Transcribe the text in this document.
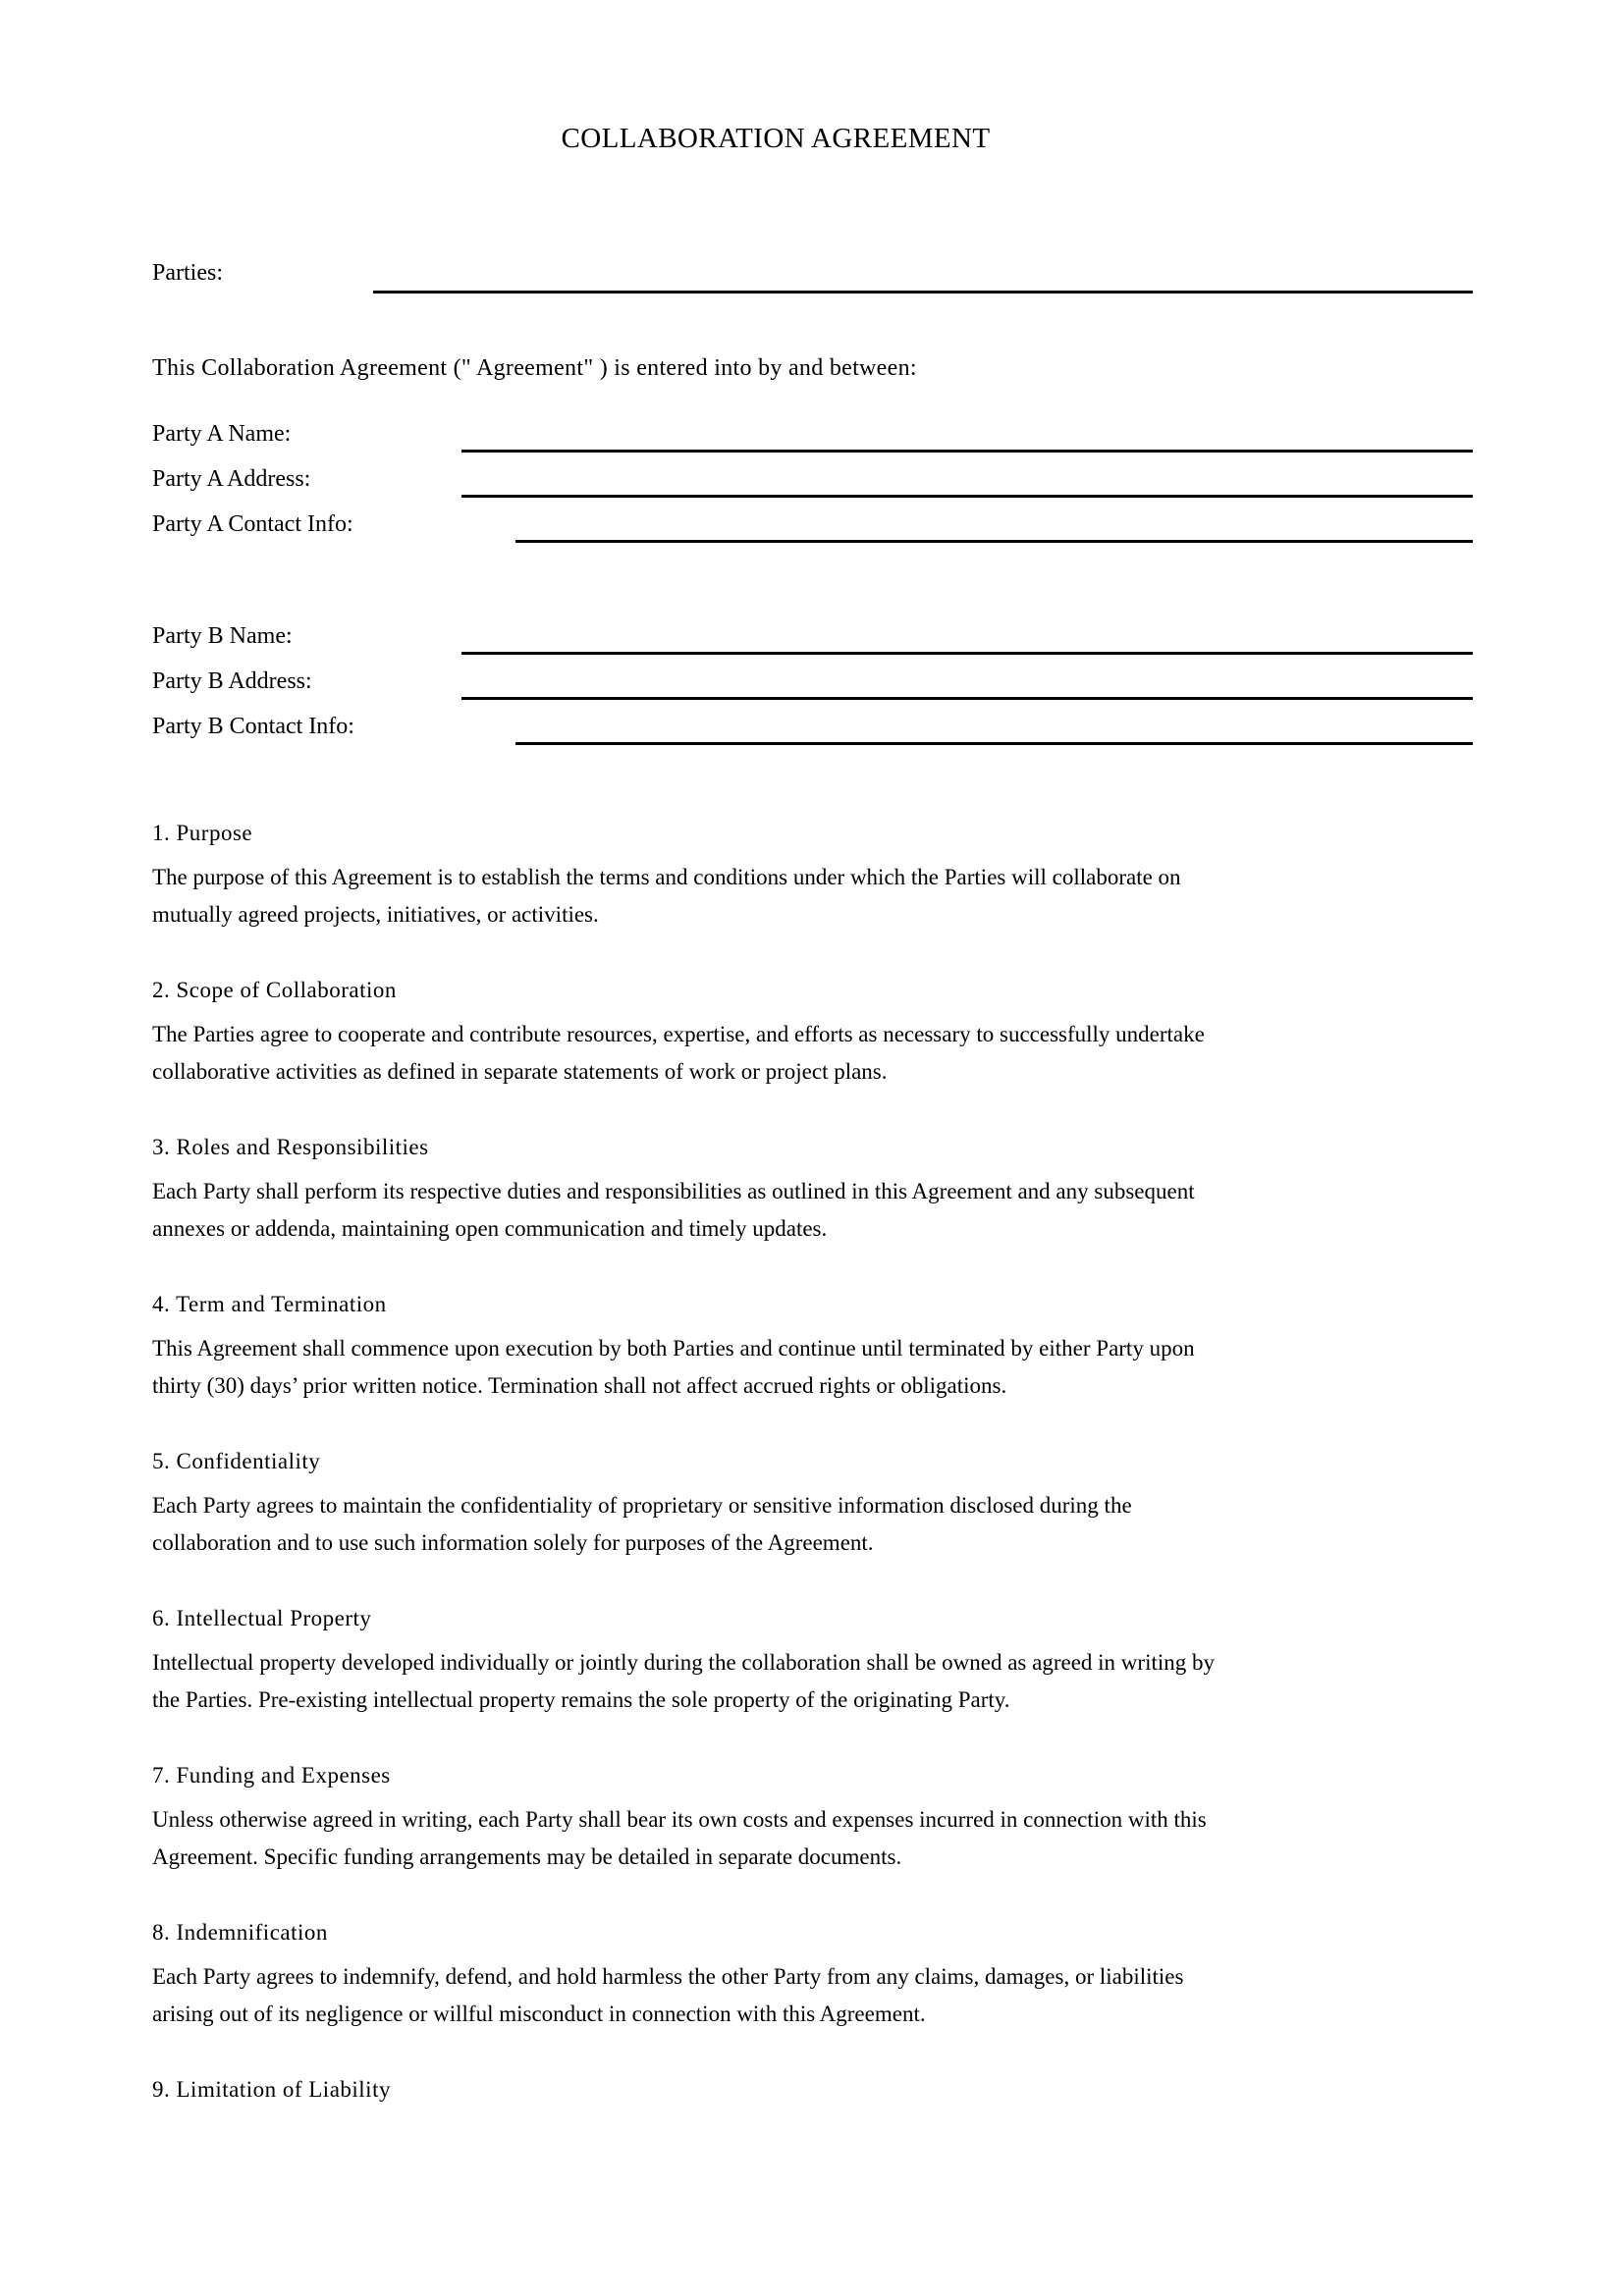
COLLABORATION AGREEMENT
Parties:

This Collaboration Agreement (" Agreement" ) is entered into by and between:

Party A Name:
Party A Address:
Party A Contact Info:
Party B Name:
Party B Address:
Party B Contact Info:
1. Purpose

The purpose of this Agreement is to establish the terms and conditions under which the Parties will collaborate on
mutually agreed projects, initiatives, or activities.

2. Scope of Collaboration

The Parties agree to cooperate and contribute resources, expertise, and efforts as necessary to successfully undertake
collaborative activities as defined in separate statements of work or project plans.

3. Roles and Responsibilities

Each Party shall perform its respective duties and responsibilities as outlined in this Agreement and any subsequent
annexes or addenda, maintaining open communication and timely updates.

4. Term and Termination

This Agreement shall commence upon execution by both Parties and continue until terminated by either Party upon
thirty (30) days’ prior written notice. Termination shall not affect accrued rights or obligations.

5. Confidentiality

Each Party agrees to maintain the confidentiality of proprietary or sensitive information disclosed during the
collaboration and to use such information solely for purposes of the Agreement.

6. Intellectual Property

Intellectual property developed individually or jointly during the collaboration shall be owned as agreed in writing by
the Parties. Pre-existing intellectual property remains the sole property of the originating Party.

7. Funding and Expenses

Unless otherwise agreed in writing, each Party shall bear its own costs and expenses incurred in connection with this
Agreement. Specific funding arrangements may be detailed in separate documents.

8. Indemnification

Each Party agrees to indemnify, defend, and hold harmless the other Party from any claims, damages, or liabilities
arising out of its negligence or willful misconduct in connection with this Agreement.

9. Limitation of Liability
